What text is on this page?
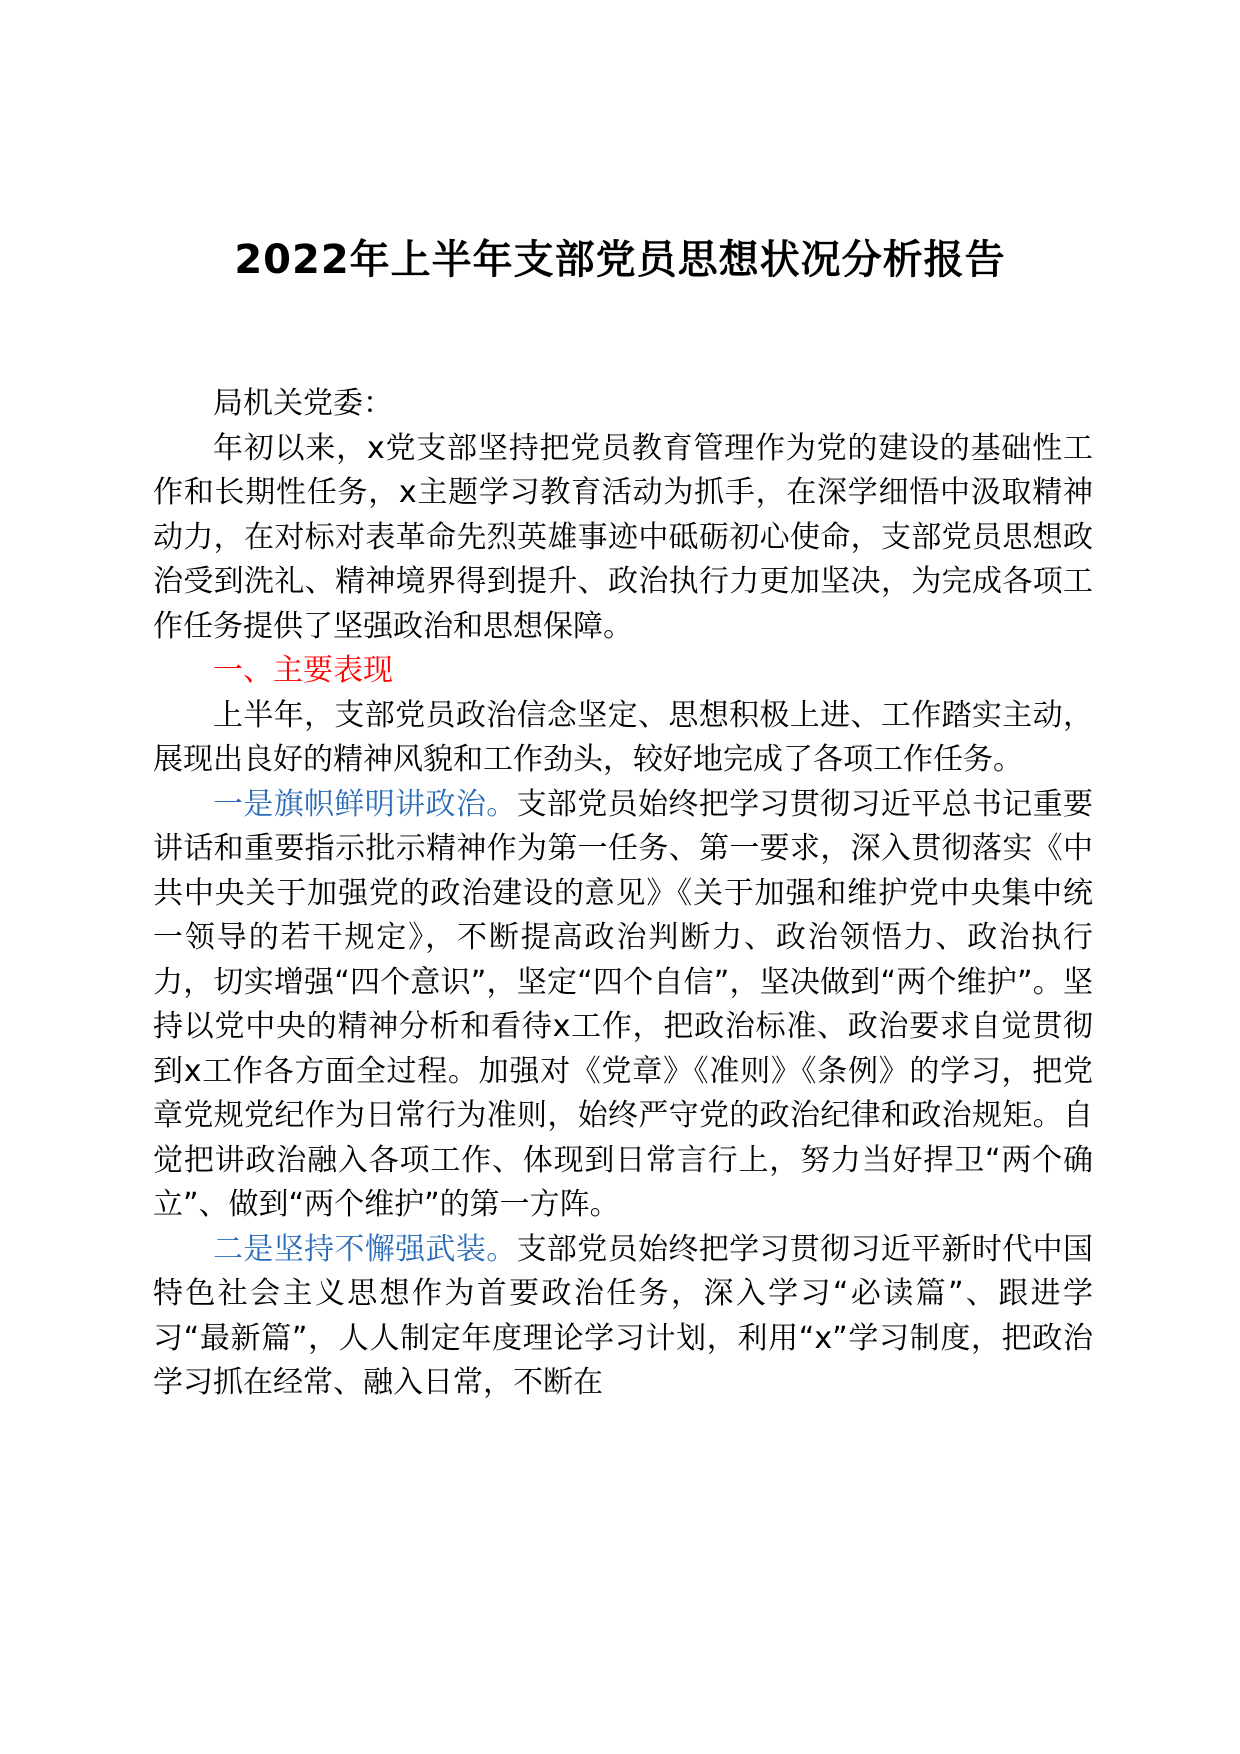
2022年上半年支部党员思想状况分析报告

局机关党委：

年初以来，x党支部坚持把党员教育管理作为党的建设的基础性工作和长期性任务，x主题学习教育活动为抓手，在深学细悟中汲取精神动力，在对标对表革命先烈英雄事迹中砥砺初心使命，支部党员思想政治受到洗礼、精神境界得到提升、政治执行力更加坚决，为完成各项工作任务提供了坚强政治和思想保障。

一、主要表现

上半年，支部党员政治信念坚定、思想积极上进、工作踏实主动，展现出良好的精神风貌和工作劲头，较好地完成了各项工作任务。

一是旗帜鲜明讲政治。支部党员始终把学习贯彻习近平总书记重要讲话和重要指示批示精神作为第一任务、第一要求，深入贯彻落实《中共中央关于加强党的政治建设的意见》《关于加强和维护党中央集中统一领导的若干规定》，不断提高政治判断力、政治领悟力、政治执行力，切实增强“四个意识”，坚定“四个自信”，坚决做到“两个维护”。坚持以党中央的精神分析和看待x工作，把政治标准、政治要求自觉贯彻到x工作各方面全过程。加强对《党章》《准则》《条例》的学习，把党章党规党纪作为日常行为准则，始终严守党的政治纪律和政治规矩。自觉把讲政治融入各项工作、体现到日常言行上，努力当好捍卫“两个确立”、做到“两个维护”的第一方阵。

二是坚持不懈强武装。支部党员始终把学习贯彻习近平新时代中国特色社会主义思想作为首要政治任务，深入学习“必读篇”、跟进学习“最新篇”，人人制定年度理论学习计划，利用“x”学习制度，把政治学习抓在经常、融入日常，不断在
